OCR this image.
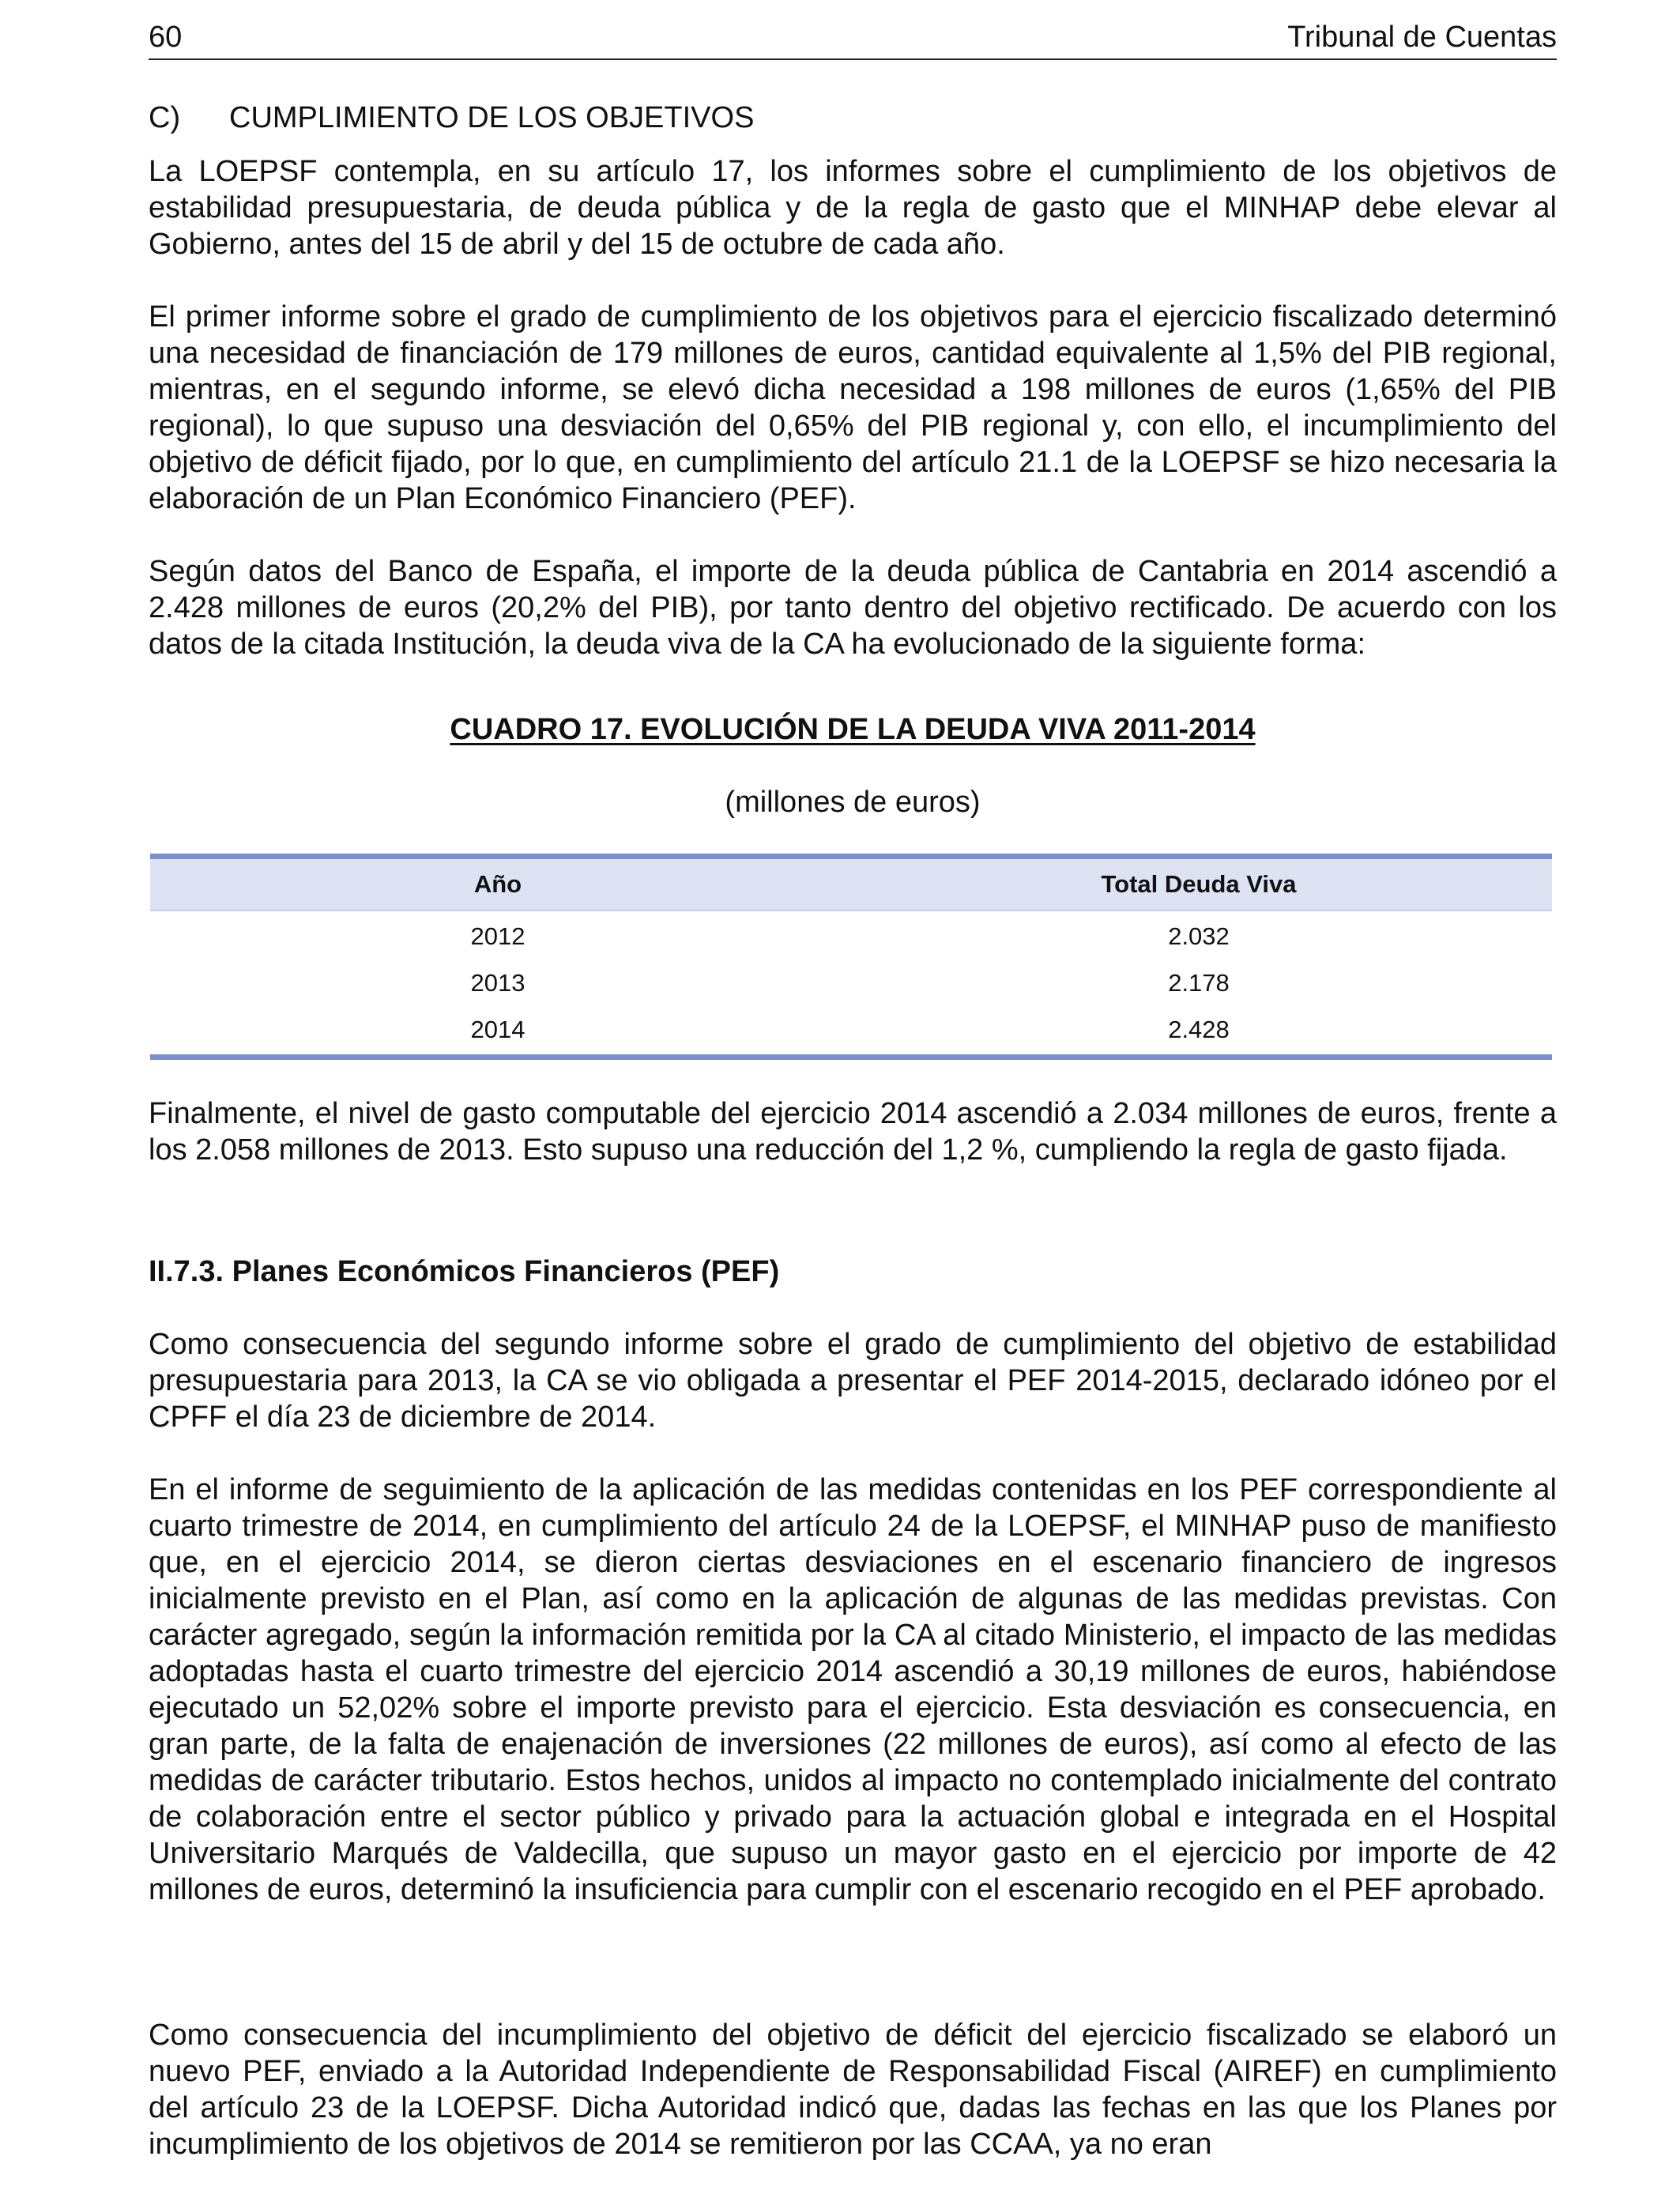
60	Tribunal de Cuentas
C) CUMPLIMIENTO DE LOS OBJETIVOS

La LOEPSF contempla, en su artículo 17, los informes sobre el cumplimiento de los objetivos de estabilidad presupuestaria, de deuda pública y de la regla de gasto que el MINHAP debe elevar al Gobierno, antes del 15 de abril y del 15 de octubre de cada año.

El primer informe sobre el grado de cumplimiento de los objetivos para el ejercicio fiscalizado determinó una necesidad de financiación de 179 millones de euros, cantidad equivalente al 1,5% del PIB regional, mientras, en el segundo informe, se elevó dicha necesidad a 198 millones de euros (1,65% del PIB regional), lo que supuso una desviación del 0,65% del PIB regional y, con ello, el incumplimiento del objetivo de déficit fijado, por lo que, en cumplimiento del artículo 21.1 de la LOEPSF se hizo necesaria la elaboración de un Plan Económico Financiero (PEF).

Según datos del Banco de España, el importe de la deuda pública de Cantabria en 2014 ascendió a 2.428 millones de euros (20,2% del PIB), por tanto dentro del objetivo rectificado. De acuerdo con los datos de la citada Institución, la deuda viva de la CA ha evolucionado de la siguiente forma:

CUADRO 17. EVOLUCIÓN DE LA DEUDA VIVA 2011-2014
(millones de euros)
Año	Total Deuda Viva
2012	2.032
2013	2.178
2014	2.428

Finalmente, el nivel de gasto computable del ejercicio 2014 ascendió a 2.034 millones de euros, frente a los 2.058 millones de 2013. Esto supuso una reducción del 1,2 %, cumpliendo la regla de gasto fijada.

II.7.3. Planes Económicos Financieros (PEF)

Como consecuencia del segundo informe sobre el grado de cumplimiento del objetivo de estabilidad presupuestaria para 2013, la CA se vio obligada a presentar el PEF 2014-2015, declarado idóneo por el CPFF el día 23 de diciembre de 2014.

En el informe de seguimiento de la aplicación de las medidas contenidas en los PEF correspondiente al cuarto trimestre de 2014, en cumplimiento del artículo 24 de la LOEPSF, el MINHAP puso de manifiesto que, en el ejercicio 2014, se dieron ciertas desviaciones en el escenario financiero de ingresos inicialmente previsto en el Plan, así como en la aplicación de algunas de las medidas previstas. Con carácter agregado, según la información remitida por la CA al citado Ministerio, el impacto de las medidas adoptadas hasta el cuarto trimestre del ejercicio 2014 ascendió a 30,19 millones de euros, habiéndose ejecutado un 52,02% sobre el importe previsto para el ejercicio. Esta desviación es consecuencia, en gran parte, de la falta de enajenación de inversiones (22 millones de euros), así como al efecto de las medidas de carácter tributario. Estos hechos, unidos al impacto no contemplado inicialmente del contrato de colaboración entre el sector público y privado para la actuación global e integrada en el Hospital Universitario Marqués de Valdecilla, que supuso un mayor gasto en el ejercicio por importe de 42 millones de euros, determinó la insuficiencia para cumplir con el escenario recogido en el PEF aprobado.

Como consecuencia del incumplimiento del objetivo de déficit del ejercicio fiscalizado se elaboró un nuevo PEF, enviado a la Autoridad Independiente de Responsabilidad Fiscal (AIREF) en cumplimiento del artículo 23 de la LOEPSF. Dicha Autoridad indicó que, dadas las fechas en las que los Planes por incumplimiento de los objetivos de 2014 se remitieron por las CCAA, ya no eran
